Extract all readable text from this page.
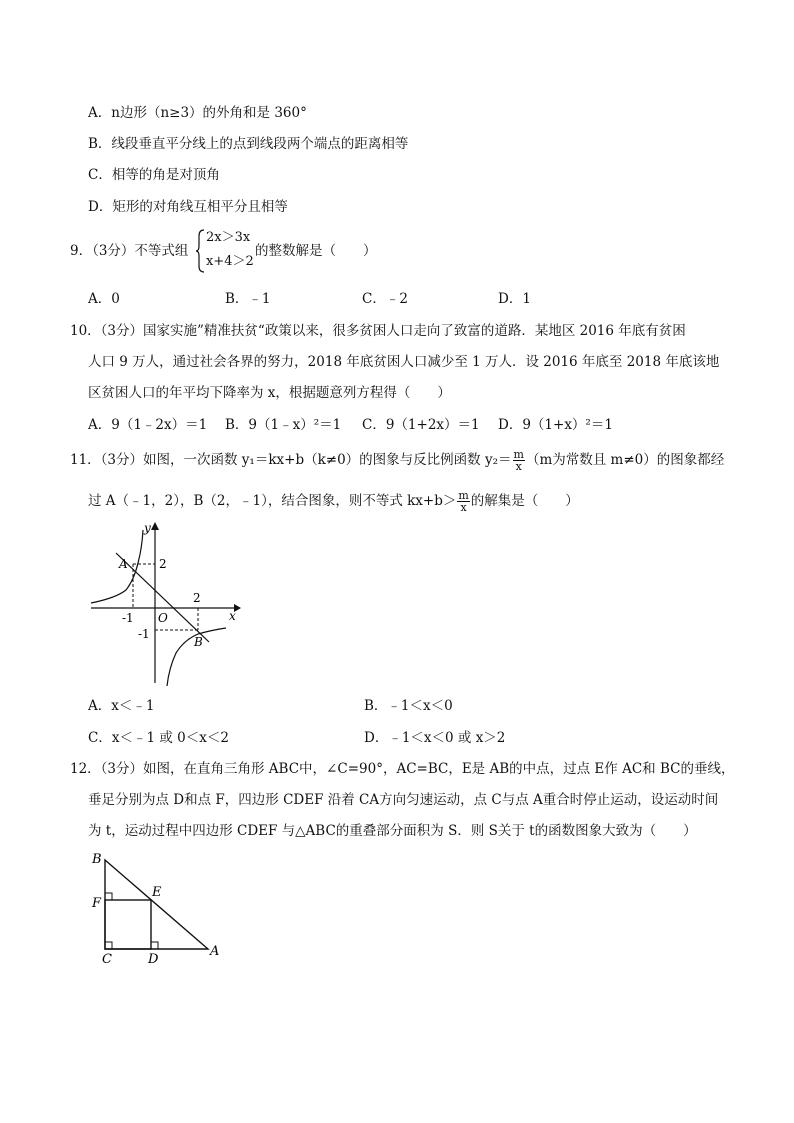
A．n边形（n≥3）的外角和是 360°
B．线段垂直平分线上的点到线段两个端点的距离相等
C．相等的角是对顶角
D．矩形的对角线互相平分且相等
9．（3分）不等式组
2x＞3x
x+4＞2
的整数解是（　　）
A．0	B．﹣1	C．﹣2	D．1
10．（3分）国家实施”精准扶贫“政策以来，很多贫困人口走向了致富的道路．某地区 2016 年底有贫困
人口 9 万人，通过社会各界的努力，2018 年底贫困人口减少至 1 万人．设 2016 年底至 2018 年底该地
区贫困人口的年平均下降率为 x，根据题意列方程得（　　）
A．9（1﹣2x）＝1 B．9（1﹣x）²＝1 C．9（1+2x）＝1 D．9（1+x）²＝1
11．（3分）如图，一次函数 y₁＝kx+b（k≠0）的图象与反比例函数 $y_2= \frac{m}{x} (m$为常数且 m≠0）的图象都经
过 A（﹣1，2），B（2，﹣1），结合图象，则不等式 $kx+b> \frac{m}{x}$ 的解集是（　　）
y
x
A
B
O
2
2
-1
-1
A．x＜﹣1	B．﹣1＜x＜0
C．x＜﹣1 或 0＜x＜2	D．﹣1＜x＜0 或 x＞2
12．（3分）如图，在直角三角形 ABC中，∠C=90°，AC=BC，E是 AB的中点，过点 E作 AC和 BC的垂线，
垂足分别为点 D和点 F，四边形 CDEF 沿着 CA方向匀速运动，点 C与点 A重合时停止运动，设运动时间
为 t，运动过程中四边形 CDEF 与△ABC的重叠部分面积为 S．则 S关于 t的函数图象大致为（　　）
B
F
E
C	D
A
